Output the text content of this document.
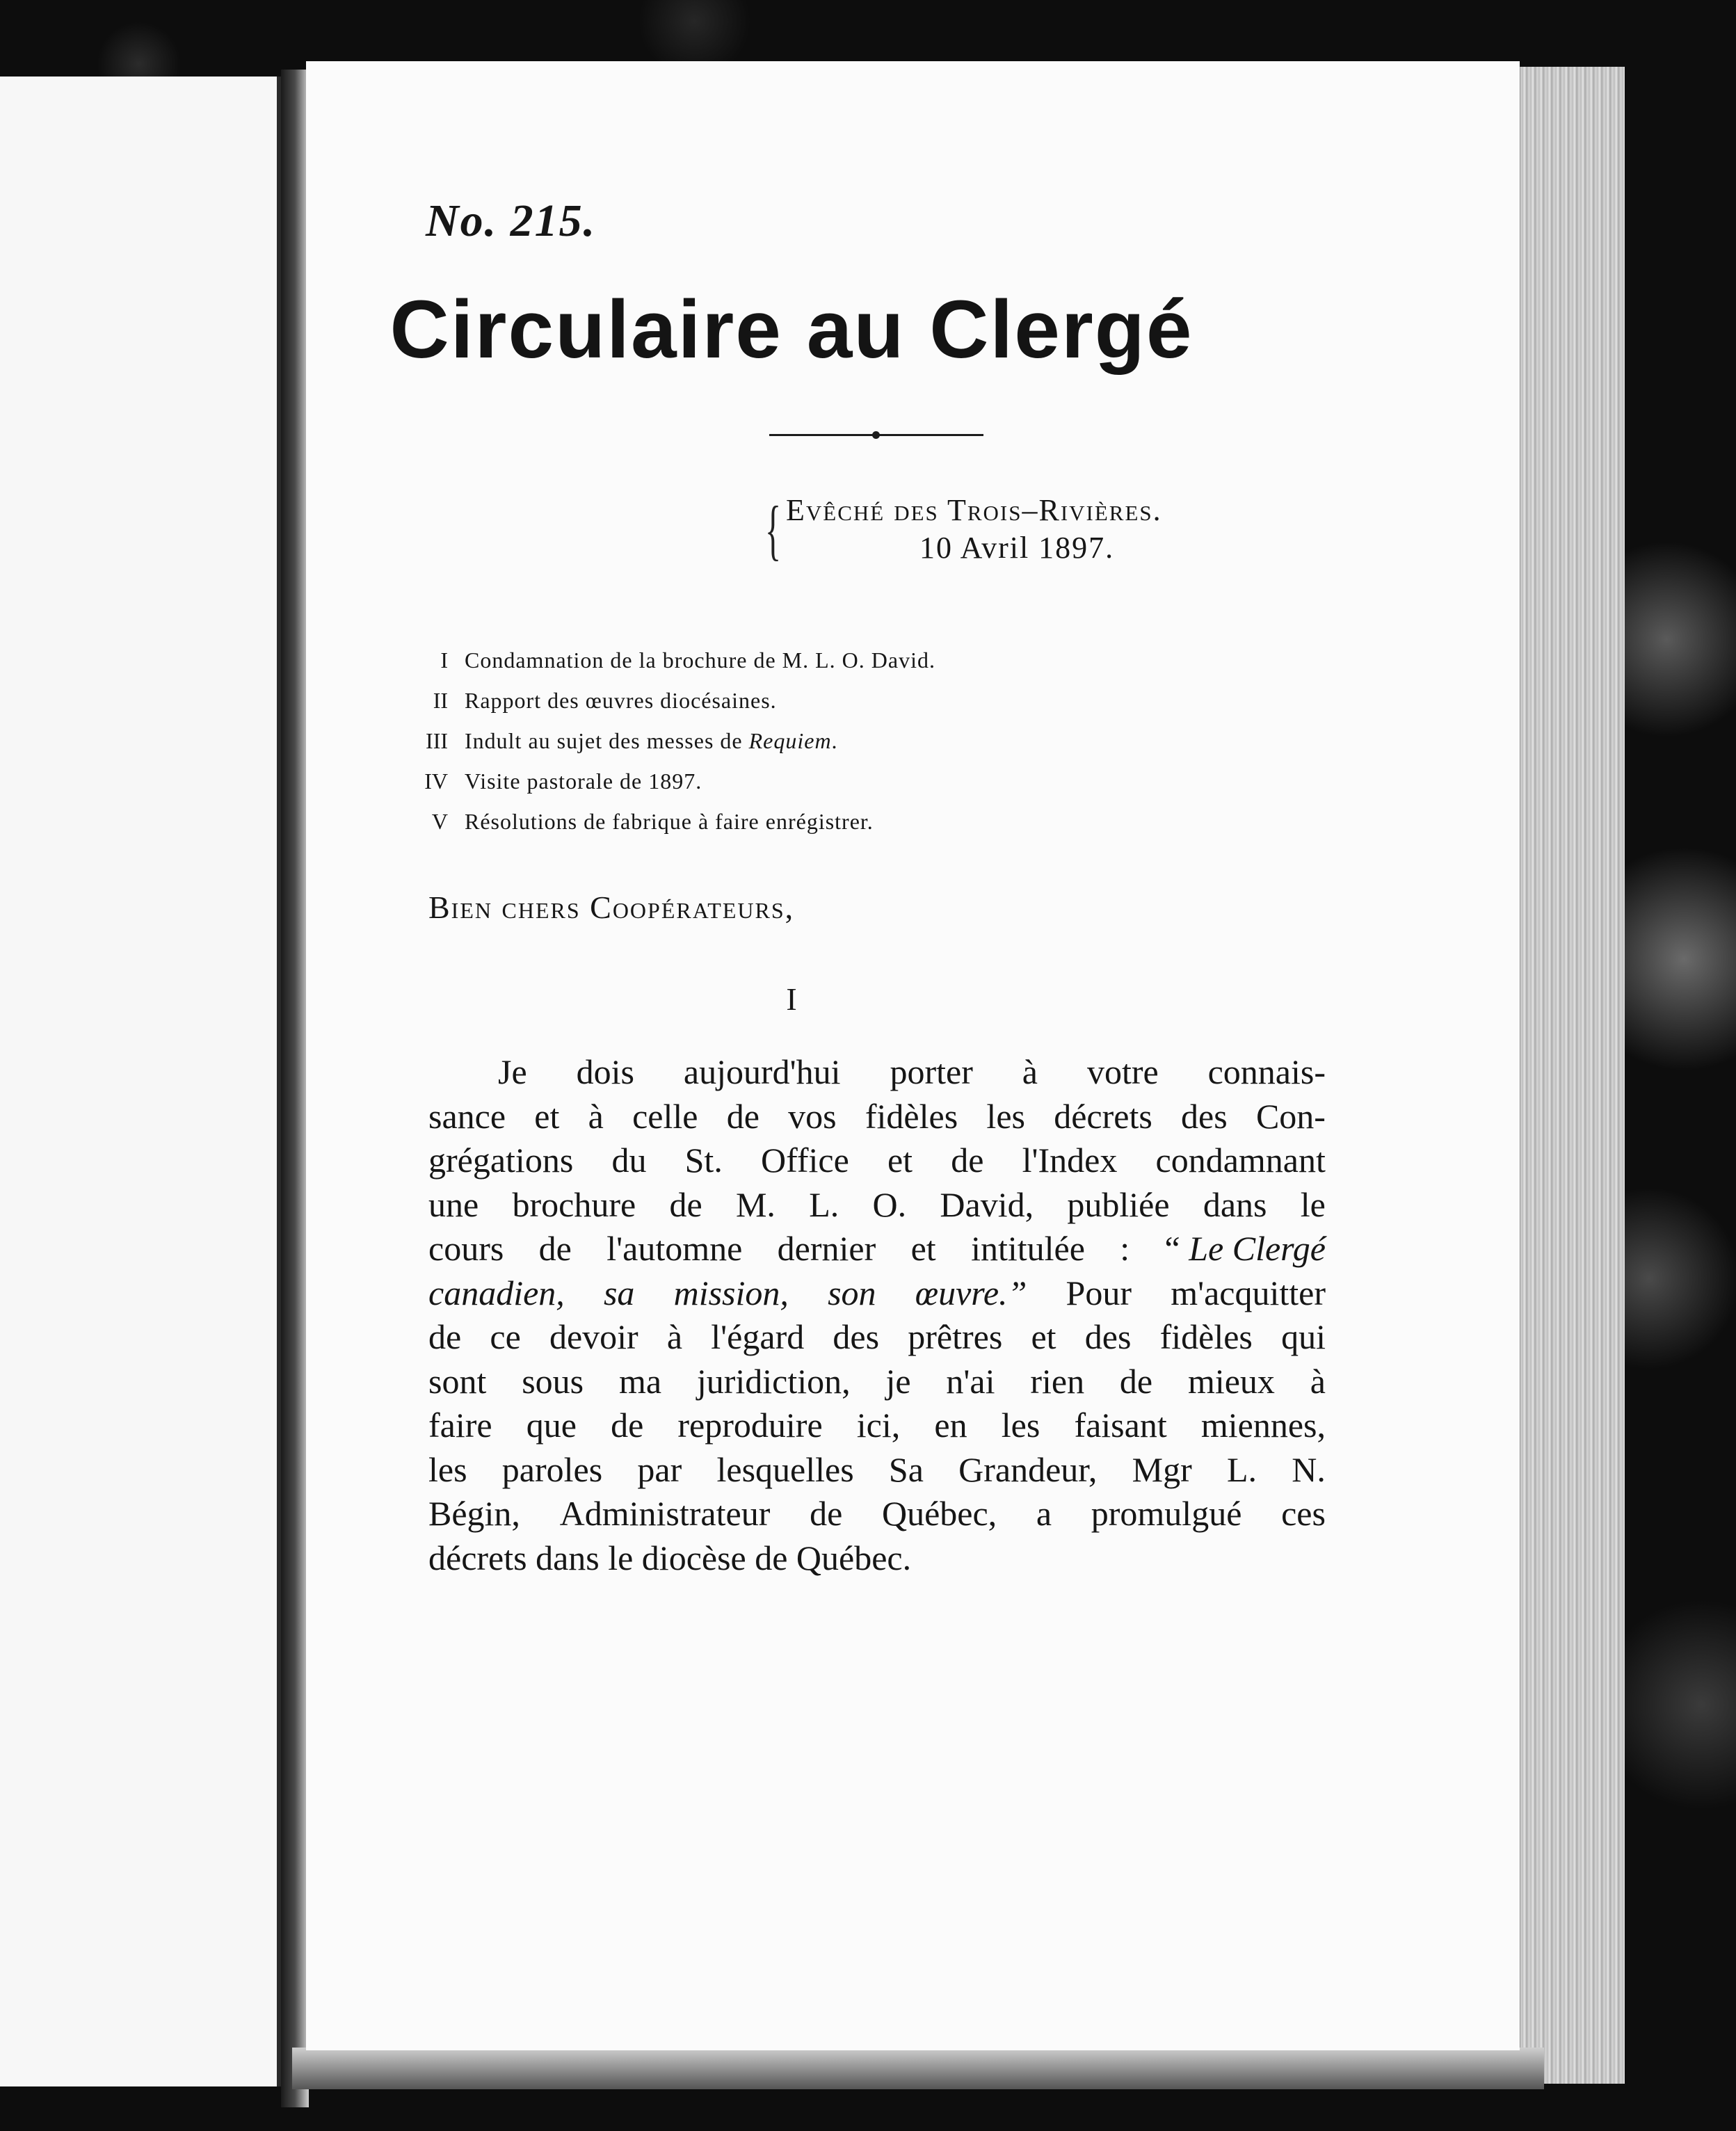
No. 215.
Circulaire au Clergé
{ Evêché des Trois–Rivières.
10 Avril 1897.
I Condamnation de la brochure de M. L. O. David.
II Rapport des œuvres diocésaines.
III Indult au sujet des messes de Requiem.
IV Visite pastorale de 1897.
V Résolutions de fabrique à faire enrégistrer.
Bien chers Coopérateurs,
I
Je dois aujourd'hui porter à votre connais-
sance et à celle de vos fidèles les décrets des Con-
grégations du St. Office et de l'Index condamnant
une brochure de M. L. O. David, publiée dans le
cours de l'automne dernier et intitulée : “ Le Clergé
canadien, sa mission, son œuvre.” Pour m'acquitter
de ce devoir à l'égard des prêtres et des fidèles qui
sont sous ma juridiction, je n'ai rien de mieux à
faire que de reproduire ici, en les faisant miennes,
les paroles par lesquelles Sa Grandeur, Mgr L. N.
Bégin, Administrateur de Québec, a promulgué ces
décrets dans le diocèse de Québec.
